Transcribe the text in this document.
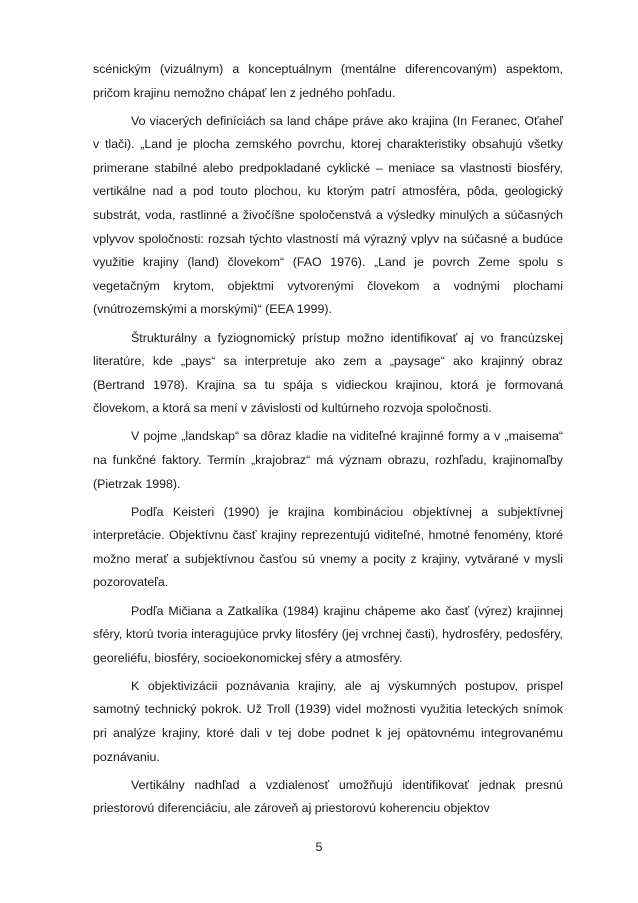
scénickým (vizuálnym) a konceptuálnym (mentálne diferencovaným) aspektom, pričom krajinu nemožno chápať len z jedného pohľadu.

Vo viacerých definíciách sa land chápe práve ako krajina (In Feranec, Oťaheľ v tlači). „Land je plocha zemského povrchu, ktorej charakteristiky obsahujú všetky primerane stabilné alebo predpokladané cyklické – meniace sa vlastnosti biosféry, vertikálne nad a pod touto plochou, ku ktorým patrí atmosféra, pôda, geologický substrát, voda, rastlinné a živočíšne spoločenstvá a výsledky minulých a súčasných vplyvov spoločnosti: rozsah týchto vlastností má výrazný vplyv na súčasné a budúce využitie krajiny (land) človekom“ (FAO 1976). „Land je povrch Zeme spolu s vegetačným krytom, objektmi vytvorenými človekom a vodnými plochami (vnútrozemskými a morskými)“ (EEA 1999).

Štrukturálny a fyziognomický prístup možno identifikovať aj vo francúzskej literatúre, kde „pays“ sa interpretuje ako zem a „paysage“ ako krajinný obraz (Bertrand 1978). Krajina sa tu spája s vidieckou krajinou, ktorá je formovaná človekom, a ktorá sa mení v závislosti od kultúrneho rozvoja spoločnosti.

V pojme „landskap“ sa dôraz kladie na viditeľné krajinné formy a v „maisema“ na funkčné faktory. Termín „krajobraz“ má význam obrazu, rozhľadu, krajinomaľby (Pietrzak 1998).

Podľa Keisteri (1990) je krajina kombináciou objektívnej a subjektívnej interpretácie. Objektívnu časť krajiny reprezentujú viditeľné, hmotné fenomény, ktoré možno merať a subjektívnou časťou sú vnemy a pocity z krajiny, vytvárané v mysli pozorovateľa.

Podľa Mičiana a Zatkalíka (1984) krajinu chápeme ako časť (výrez) krajinnej sféry, ktorú tvoria interagujúce prvky litosféry (jej vrchnej časti), hydrosféry, pedosféry, georeliéfu, biosféry, socioekonomickej sféry a atmosféry.

K objektivizácii poznávania krajiny, ale aj výskumných postupov, prispel samotný technický pokrok. Už Troll (1939) videl možnosti využitia leteckých snímok pri analýze krajiny, ktoré dali v tej dobe podnet k jej opätovnému integrovanému poznávaniu.

Vertikálny nadhľad a vzdialenosť umožňujú identifikovať jednak presnú priestorovú diferenciáciu, ale zároveň aj priestorovú koherenciu objektov

5
